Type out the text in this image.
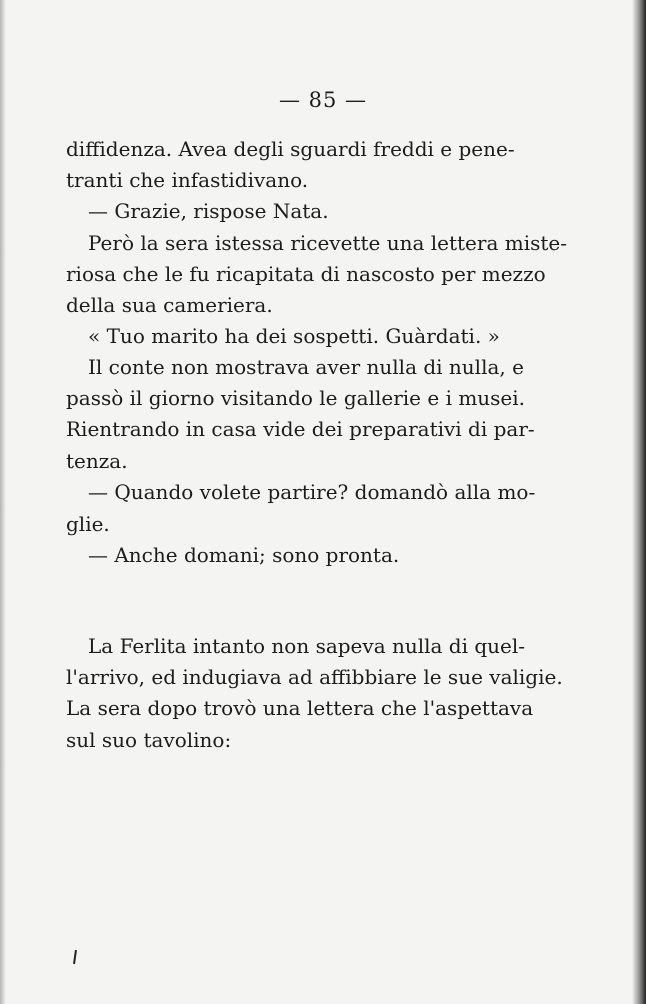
— 85 —
diffidenza. Avea degli sguardi freddi e pene-
tranti che infastidivano.
— Grazie, rispose Nata.
Però la sera istessa ricevette una lettera miste-
riosa che le fu ricapitata di nascosto per mezzo
della sua cameriera.
« Tuo marito ha dei sospetti. Guàrdati. »
Il conte non mostrava aver nulla di nulla, e
passò il giorno visitando le gallerie e i musei.
Rientrando in casa vide dei preparativi di par-
tenza.
— Quando volete partire? domandò alla mo-
glie.
— Anche domani; sono pronta.
La Ferlita intanto non sapeva nulla di quel-
l'arrivo, ed indugiava ad affibbiare le sue valigie.
La sera dopo trovò una lettera che l'aspettava
sul suo tavolino:
